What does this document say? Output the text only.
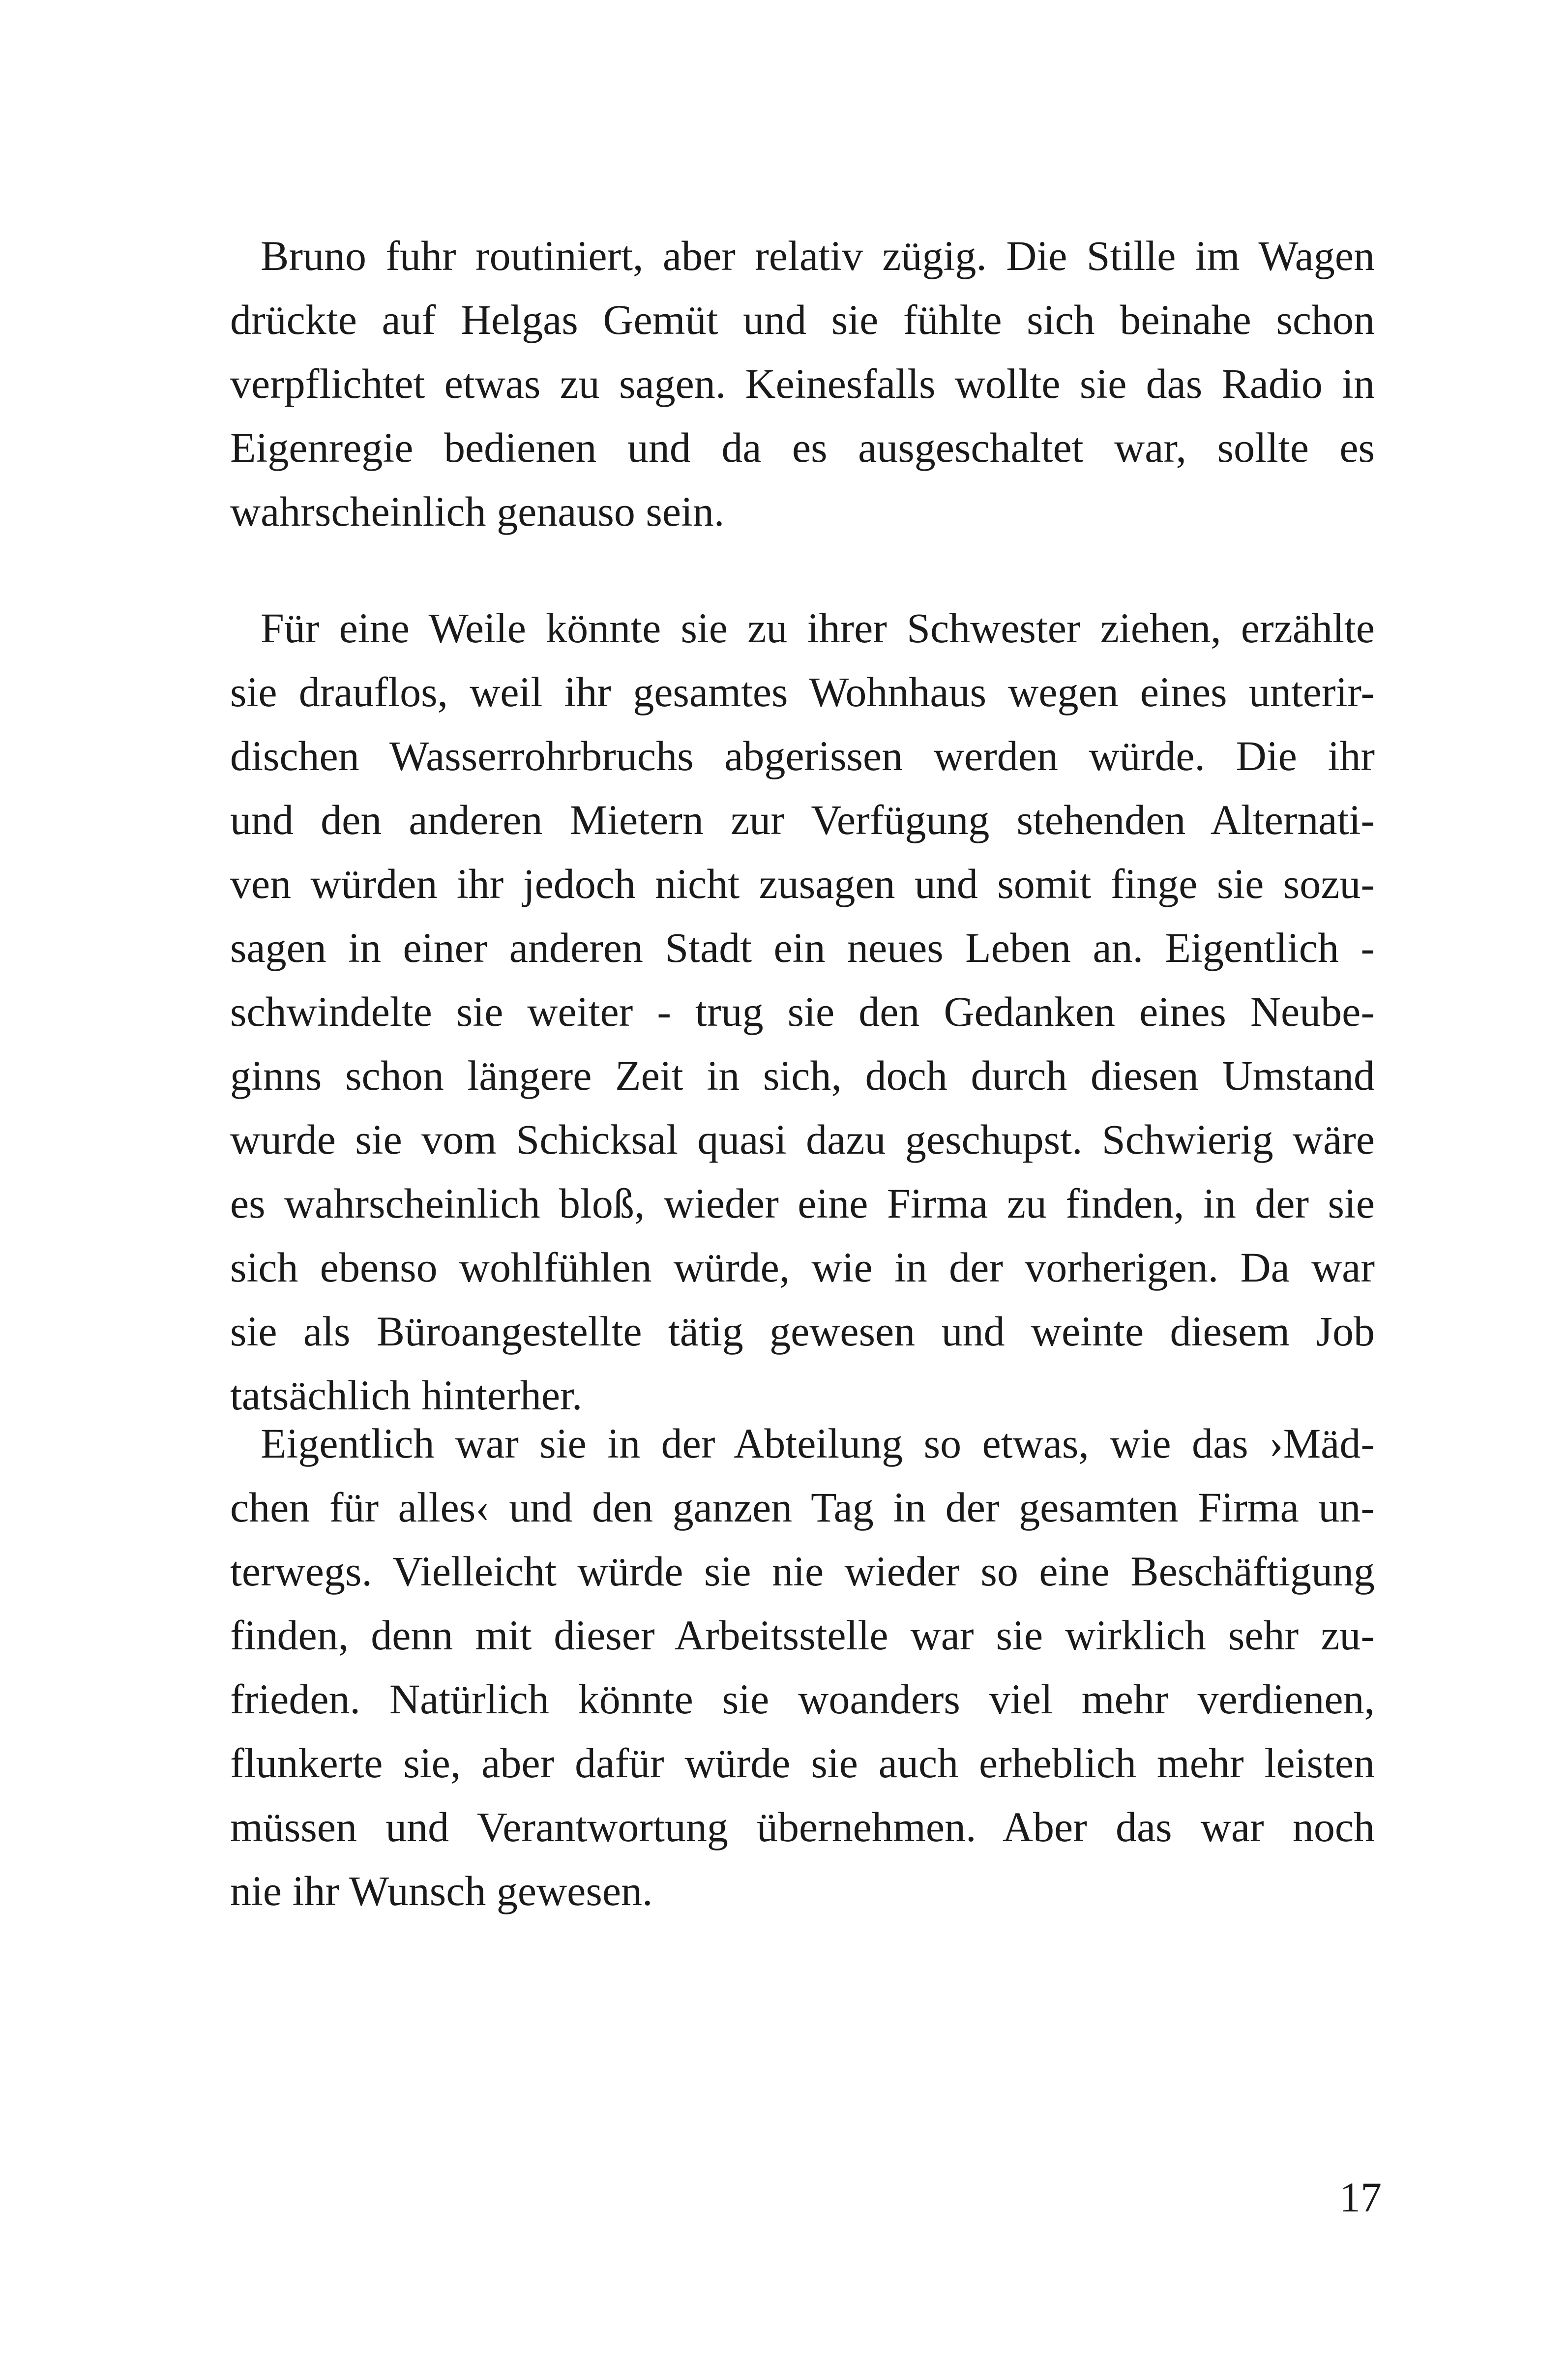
Bruno fuhr routiniert, aber relativ zügig. Die Stille im Wagen
drückte auf Helgas Gemüt und sie fühlte sich beinahe schon
verpflichtet etwas zu sagen. Keinesfalls wollte sie das Radio in
Eigenregie bedienen und da es ausgeschaltet war, sollte es
wahrscheinlich genauso sein.
Für eine Weile könnte sie zu ihrer Schwester ziehen, erzählte
sie drauflos, weil ihr gesamtes Wohnhaus wegen eines unterir-
dischen Wasserrohrbruchs abgerissen werden würde. Die ihr
und den anderen Mietern zur Verfügung stehenden Alternati-
ven würden ihr jedoch nicht zusagen und somit finge sie sozu-
sagen in einer anderen Stadt ein neues Leben an. Eigentlich -
schwindelte sie weiter - trug sie den Gedanken eines Neube-
ginns schon längere Zeit in sich, doch durch diesen Umstand
wurde sie vom Schicksal quasi dazu geschupst. Schwierig wäre
es wahrscheinlich bloß, wieder eine Firma zu finden, in der sie
sich ebenso wohlfühlen würde, wie in der vorherigen. Da war
sie als Büroangestellte tätig gewesen und weinte diesem Job
tatsächlich hinterher.
Eigentlich war sie in der Abteilung so etwas, wie das ›Mäd-
chen für alles‹ und den ganzen Tag in der gesamten Firma un-
terwegs. Vielleicht würde sie nie wieder so eine Beschäftigung
finden, denn mit dieser Arbeitsstelle war sie wirklich sehr zu-
frieden. Natürlich könnte sie woanders viel mehr verdienen,
flunkerte sie, aber dafür würde sie auch erheblich mehr leisten
müssen und Verantwortung übernehmen. Aber das war noch
nie ihr Wunsch gewesen.
17
